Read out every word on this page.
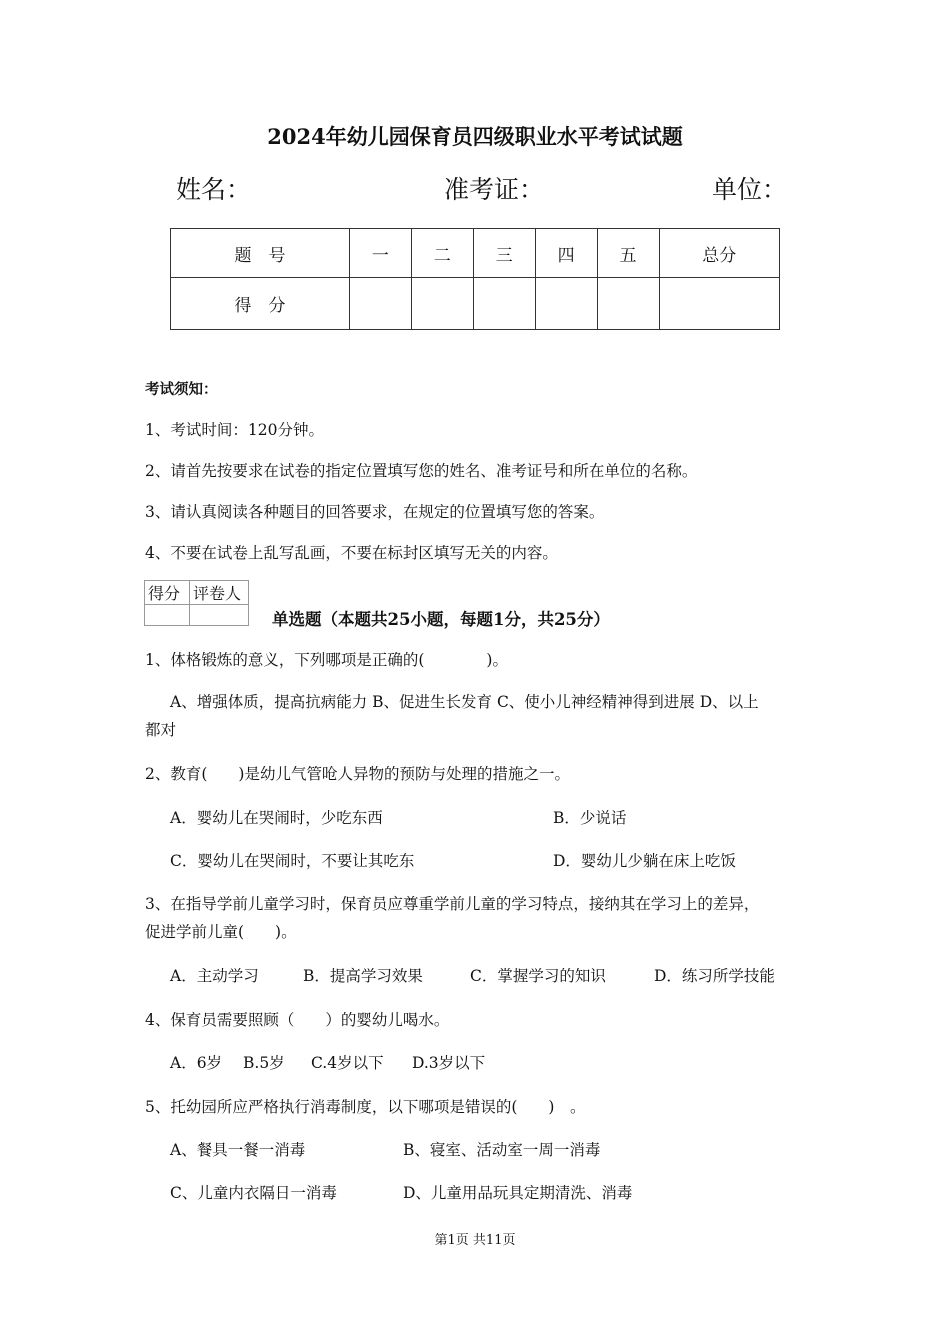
2024年幼儿园保育员四级职业水平考试试题
姓名：	准考证：	单位：
题　号	一	二	三	四	五	总分
得　分						
考试须知：
1、考试时间：120分钟。
2、请首先按要求在试卷的指定位置填写您的姓名、准考证号和所在单位的名称。
3、请认真阅读各种题目的回答要求，在规定的位置填写您的答案。
4、不要在试卷上乱写乱画，不要在标封区填写无关的内容。
得分	评卷人

单选题（本题共25小题，每题1分，共25分）
1、体格锻炼的意义，下列哪项是正确的(　　　　)。
A、增强体质，提高抗病能力 B、促进生长发育 C、使小儿神经精神得到进展 D、以上
都对
2、教育(　　)是幼儿气管呛人异物的预防与处理的措施之一。
A．婴幼儿在哭闹时，少吃东西	B．少说话
C．婴幼儿在哭闹时，不要让其吃东	D．婴幼儿少躺在床上吃饭
3、在指导学前儿童学习时，保育员应尊重学前儿童的学习特点，接纳其在学习上的差异，
促进学前儿童(　　)。
A．主动学习	B．提高学习效果	C．掌握学习的知识	D．练习所学技能
4、保育员需要照顾（　　）的婴幼儿喝水。
A．6岁 B.5岁 C.4岁以下 D.3岁以下
5、托幼园所应严格执行消毒制度，以下哪项是错误的(　　)　。
A、餐具一餐一消毒	B、寝室、活动室一周一消毒
C、儿童内衣隔日一消毒	D、儿童用品玩具定期清洗、消毒
第1页 共11页
